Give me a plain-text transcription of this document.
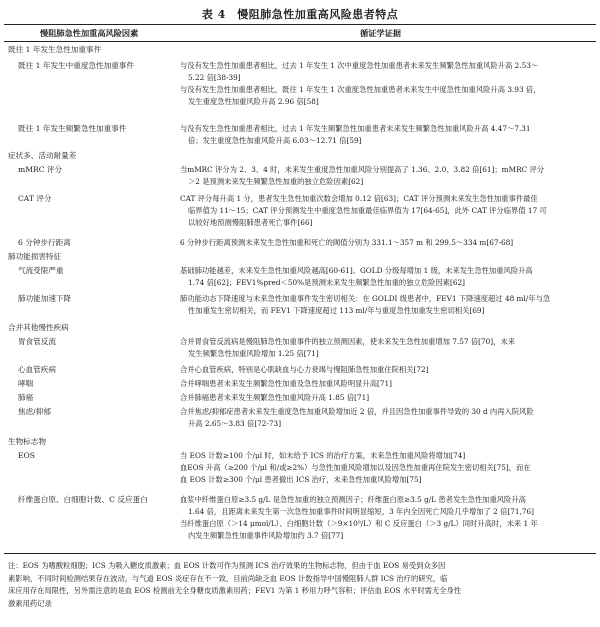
表 4　慢阻肺急性加重高风险患者特点
慢阻肺急性加重高风险因素	循证学证据
既往 1 年发生急性加重事件
既往 1 年发生中重度急性加重事件	与没有发生急性加重患者相比，过去 1 年发生 1 次中重度急性加重患者未来发生频繁急性加重风险升高 2.53～
5.22 倍[38-39]
与没有发生急性加重患者相比，既往 1 年发生 1 次重度急性加重患者未来发生中度急性加重风险升高 3.93 倍，
发生重度急性加重风险升高 2.96 倍[58]
既往 1 年发生频繁急性加重事件	与没有发生急性加重患者相比，过去 1 年发生频繁急性加重患者未来发生频繁急性加重风险升高 4.47～7.31
倍；发生重度急性加重风险升高 6.03～12.71 倍[59]
症状多、活动耐量差
mMRC 评分	当mMRC 评分为 2、3、4 时，未来发生重度急性加重风险分别提高了 1.36、2.0、3.82 倍[61]；mMRC 评分
＞2 是预测未来发生频繁急性加重的独立危险因素[62]
CAT 评分	CAT 评分每升高 1 分，患者发生急性加重次数会增加 0.12 倍[63]；CAT 评分预测未来发生急性加重事件最佳
临界值为 11～15；CAT 评分预测发生中重度急性加重最佳临界值为 17[64-65]，此外 CAT 评分临界值 17 可
以较好地预测慢阻肺患者死亡事件[66]
6 分钟步行距离	6 分钟步行距离预测未来发生急性加重和死亡的阈值分别为 331.1～357 m 和 299.5～334 m[67-68]
肺功能损害特征
气流受限严重	基础肺功能越差，未来发生急性加重风险越高[60-61]。GOLD 分级每增加 1 级，未来发生急性加重风险升高
1.74 倍[62]；FEV1%pred＜50%是预测未来发生频繁急性加重的独立危险因素[62]
肺功能加速下降	肺功能动态下降速度与未来急性加重事件发生密切相关：在 GOLDI 级患者中，FEV1 下降速度超过 48 ml/年与急
性加重发生密切相关，而 FEV1 下降速度超过 113 ml/年与重度急性加重发生密切相关[69]
合并其他慢性疾病
胃食管反流	合并胃食管反流病是慢阻肺急性加重事件的独立预测因素，使未来发生急性加重增加 7.57 倍[70]，未来
发生频繁急性加重风险增加 1.25 倍[71]
心血管疾病	合并心血管疾病，特别是心肌缺血与心力衰竭与慢阻肺急性加重住院相关[72]
哮喘	合并哮喘患者未来发生频繁急性加重及急性加重风险明显升高[71]
肺癌	合并肺癌患者未来发生频繁急性加重风险升高 1.85 倍[71]
焦虑/抑郁	合并焦虑/抑郁症患者未来发生重度急性加重风险增加近 2 倍，并且因急性加重事件导致的 30 d 内再入院风险
升高 2.65～3.83 倍[72-73]
生物标志物
EOS	当 EOS 计数≥100 个/μl 时，如未给予 ICS 的治疗方案，未来急性加重风险将增加[74]
血EOS 升高（≥200 个/μl 和/或≥2%）与急性加重风险增加以及因急性加重再住院发生密切相关[75]，而在
血 EOS 计数≥300 个/μl 患者撤出 ICS 治疗，未来急性加重风险增加[75]
纤维蛋白原、白细胞计数、C 反应蛋白	血浆中纤维蛋白原≥3.5 g/L 是急性加重的独立预测因子；纤维蛋白原≥3.5 g/L 患者发生急性加重风险升高
1.64 倍，且距离未来发生第一次急性加重事件时间明显缩短，3 年内全因死亡风险几乎增加了 2 倍[71,76]
当纤维蛋白原（＞14 μmol/L）、白细胞计数（＞9×10⁹/L）和 C 反应蛋白（＞3 g/L）同时升高时，未来 1 年
内发生频繁急性加重事件风险增加约 3.7 倍[77]
注：EOS 为嗜酸粒细胞；ICS 为吸入糖皮质激素；血 EOS 计数可作为预测 ICS 治疗效果的生物标志物，但由于血 EOS 易受到众多因
素影响，不同时间检测结果存在波动，与气道 EOS 炎症存在不一致，目前尚缺乏血 EOS 计数指导中国慢阻肺人群 ICS 治疗的研究，临
床应用存在局限性，另外需注意的是血 EOS 检测前无全身糖皮质激素用药；FEV1 为第 1 秒用力呼气容积；评估血 EOS 水平时需无全身性
激素用药记录
